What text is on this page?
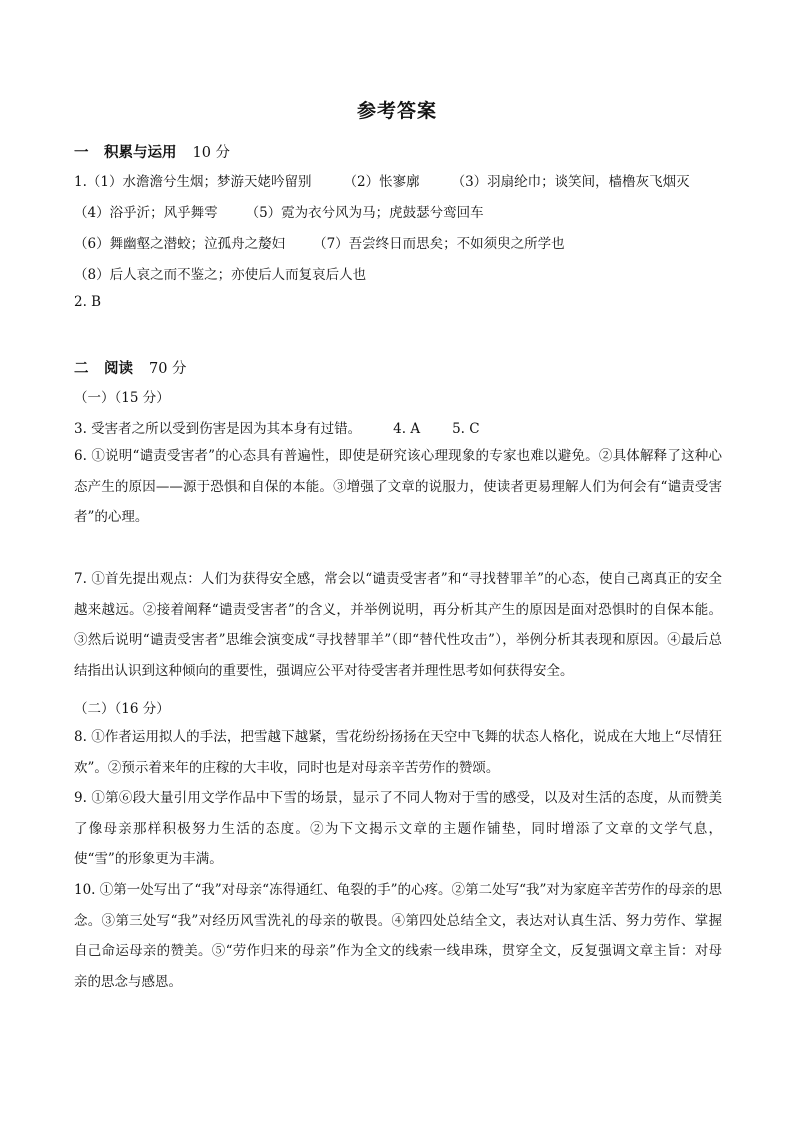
参考答案
一 积累与运用 10 分
1.（1）水澹澹兮生烟；梦游天姥吟留别 （2）怅寥廓 （3）羽扇纶巾；谈笑间，樯橹灰飞烟灭
（4）浴乎沂；风乎舞雩 （5）霓为衣兮风为马；虎鼓瑟兮鸾回车
（6）舞幽壑之潜蛟；泣孤舟之嫠妇 （7）吾尝终日而思矣；不如须臾之所学也
（8）后人哀之而不鉴之；亦使后人而复哀后人也
2. B
二 阅读 70 分
（一）（15 分）
3. 受害者之所以受到伤害是因为其本身有过错。 4. A 5. C
6. ①说明“谴责受害者”的心态具有普遍性，即使是研究该心理现象的专家也难以避免。②具体解释了这种心态产生的原因——源于恐惧和自保的本能。③增强了文章的说服力，使读者更易理解人们为何会有“谴责受害者”的心理。
7. ①首先提出观点：人们为获得安全感，常会以“谴责受害者”和“寻找替罪羊”的心态，使自己离真正的安全越来越远。②接着阐释“谴责受害者”的含义，并举例说明，再分析其产生的原因是面对恐惧时的自保本能。③然后说明“谴责受害者”思维会演变成“寻找替罪羊”（即“替代性攻击”），举例分析其表现和原因。④最后总结指出认识到这种倾向的重要性，强调应公平对待受害者并理性思考如何获得安全。
（二）（16 分）
8. ①作者运用拟人的手法，把雪越下越紧，雪花纷纷扬扬在天空中飞舞的状态人格化，说成在大地上“尽情狂欢”。②预示着来年的庄稼的大丰收，同时也是对母亲辛苦劳作的赞颂。
9. ①第⑥段大量引用文学作品中下雪的场景，显示了不同人物对于雪的感受，以及对生活的态度，从而赞美了像母亲那样积极努力生活的态度。②为下文揭示文章的主题作铺垫，同时增添了文章的文学气息，使“雪”的形象更为丰满。
10. ①第一处写出了“我”对母亲“冻得通红、龟裂的手”的心疼。②第二处写“我”对为家庭辛苦劳作的母亲的思念。③第三处写“我”对经历风雪洗礼的母亲的敬畏。④第四处总结全文，表达对认真生活、努力劳作、掌握自己命运母亲的赞美。⑤“劳作归来的母亲”作为全文的线索一线串珠，贯穿全文，反复强调文章主旨：对母亲的思念与感恩。
